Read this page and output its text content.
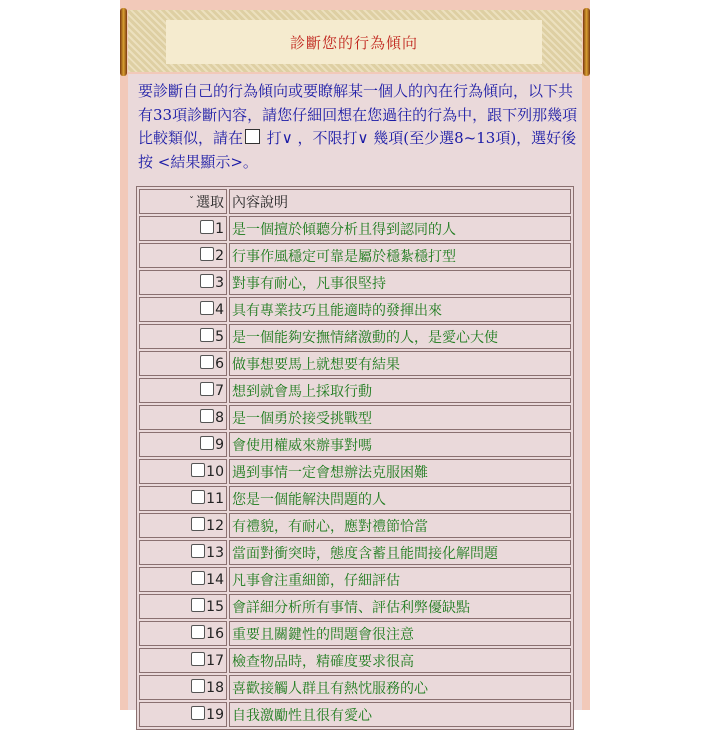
診斷您的行為傾向

要診斷自己的行為傾向或要瞭解某一個人的內在行為傾向，以下共有33項診斷內容，請您仔細回想在您過往的行為中，跟下列那幾項比較類似，請在 打∨ ，不限打∨ 幾項(至少選8~13項)，選好後按 <結果顯示>。

$^ˇ$ 選取	內容說明
1	是一個擅於傾聽分析且得到認同的人
2	行事作風穩定可靠是屬於穩紮穩打型
3	對事有耐心，凡事很堅持
4	具有專業技巧且能適時的發揮出來
5	是一個能夠安撫情緒激動的人，是愛心大使
6	做事想要馬上就想要有結果
7	想到就會馬上採取行動
8	是一個勇於接受挑戰型
9	會使用權威來辦事對嗎
10	遇到事情一定會想辦法克服困難
11	您是一個能解決問題的人
12	有禮貌，有耐心，應對禮節恰當
13	當面對衝突時，態度含蓄且能間接化解問題
14	凡事會注重細節，仔細評估
15	會詳細分析所有事情、評估利弊優缺點
16	重要且關鍵性的問題會很注意
17	檢查物品時，精確度要求很高
18	喜歡接觸人群且有熱忱服務的心
19	自我激勵性且很有愛心
